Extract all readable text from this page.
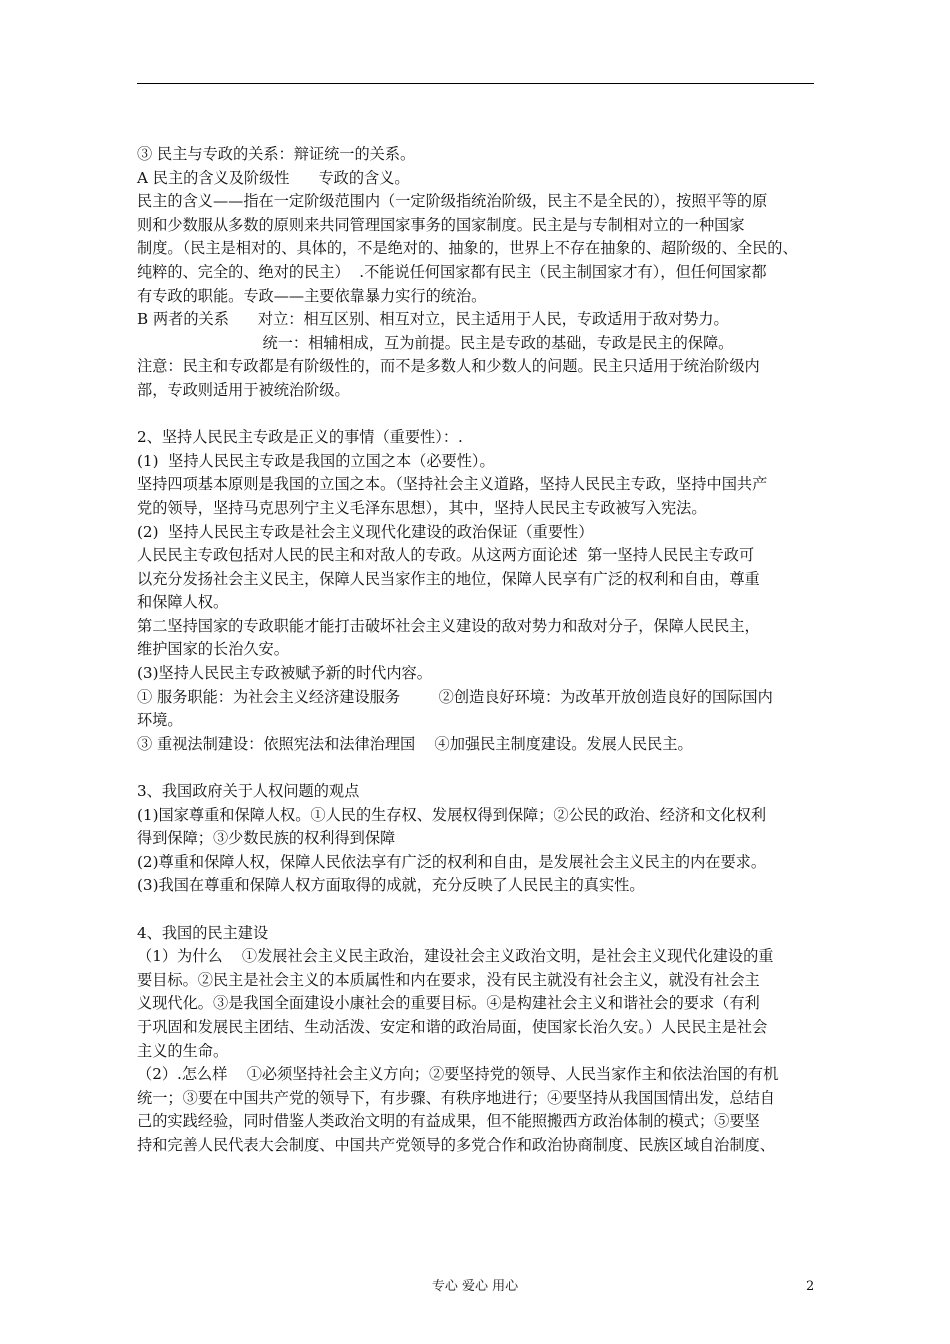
③ 民主与专政的关系：辩证统一的关系。

A 民主的含义及阶级性      专政的含义。

民主的含义——指在一定阶级范围内（一定阶级指统治阶级，民主不是全民的），按照平等的原

则和少数服从多数的原则来共同管理国家事务的国家制度。民主是与专制相对立的一种国家

制度。（民主是相对的、具体的，不是绝对的、抽象的，世界上不存在抽象的、超阶级的、全民的、

纯粹的、完全的、绝对的民主）  .不能说任何国家都有民主（民主制国家才有），但任何国家都

有专政的职能。专政——主要依靠暴力实行的统治。

B 两者的关系      对立：相互区别、相互对立，民主适用于人民，专政适用于敌对势力。

统一：相辅相成，互为前提。民主是专政的基础，专政是民主的保障。

注意：民主和专政都是有阶级性的，而不是多数人和少数人的问题。民主只适用于统治阶级内

部，专政则适用于被统治阶级。

2、坚持人民民主专政是正义的事情（重要性）：.

(1)  坚持人民民主专政是我国的立国之本（必要性）。

坚持四项基本原则是我国的立国之本。（坚持社会主义道路，坚持人民民主专政，坚持中国共产

党的领导，坚持马克思列宁主义毛泽东思想），其中，坚持人民民主专政被写入宪法。

(2)  坚持人民民主专政是社会主义现代化建设的政治保证（重要性）

人民民主专政包括对人民的民主和对敌人的专政。从这两方面论述  第一坚持人民民主专政可

以充分发扬社会主义民主，保障人民当家作主的地位，保障人民享有广泛的权利和自由，尊重

和保障人权。

第二坚持国家的专政职能才能打击破坏社会主义建设的敌对势力和敌对分子，保障人民民主，

维护国家的长治久安。

(3)坚持人民民主专政被赋予新的时代内容。

① 服务职能：为社会主义经济建设服务        ②创造良好环境：为改革开放创造良好的国际国内

环境。

③ 重视法制建设：依照宪法和法律治理国    ④加强民主制度建设。发展人民民主。

3、我国政府关于人权问题的观点

(1)国家尊重和保障人权。①人民的生存权、发展权得到保障；②公民的政治、经济和文化权利

得到保障；③少数民族的权利得到保障

(2)尊重和保障人权，保障人民依法享有广泛的权利和自由，是发展社会主义民主的内在要求。

(3)我国在尊重和保障人权方面取得的成就，充分反映了人民民主的真实性。

4、我国的民主建设

（1）为什么    ①发展社会主义民主政治，建设社会主义政治文明，是社会主义现代化建设的重

要目标。②民主是社会主义的本质属性和内在要求，没有民主就没有社会主义，就没有社会主

义现代化。③是我国全面建设小康社会的重要目标。④是构建社会主义和谐社会的要求（有利

于巩固和发展民主团结、生动活泼、安定和谐的政治局面，使国家长治久安。）人民民主是社会

主义的生命。

（2）.怎么样    ①必须坚持社会主义方向；②要坚持党的领导、人民当家作主和依法治国的有机

统一；③要在中国共产党的领导下，有步骤、有秩序地进行；④要坚持从我国国情出发，总结自

己的实践经验，同时借鉴人类政治文明的有益成果，但不能照搬西方政治体制的模式；⑤要坚

持和完善人民代表大会制度、中国共产党领导的多党合作和政治协商制度、民族区域自治制度、

专心 爱心 用心	2
